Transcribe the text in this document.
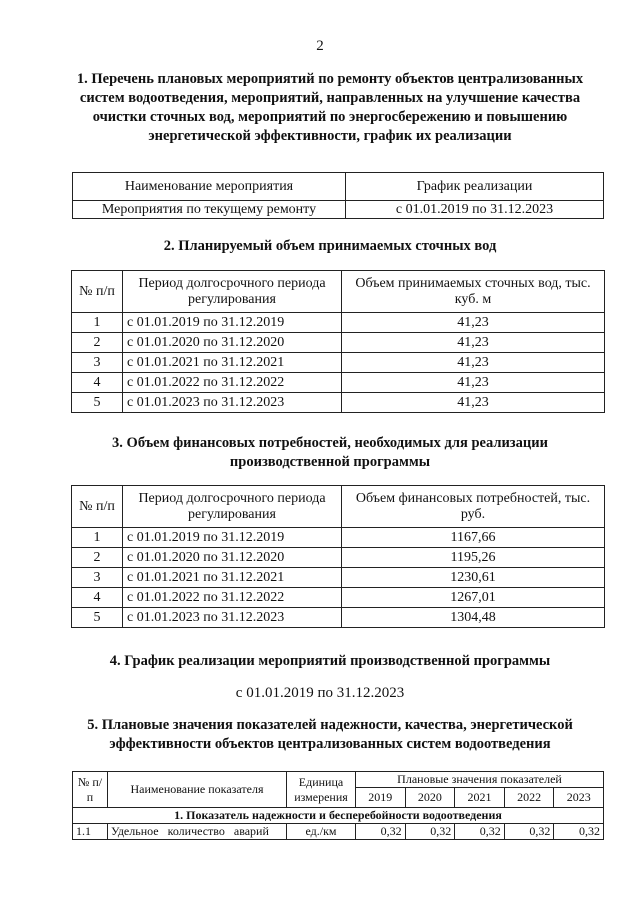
2
1. Перечень плановых мероприятий по ремонту объектов централизованных систем водоотведения, мероприятий, направленных на улучшение качества очистки сточных вод, мероприятий по энергосбережению и повышению энергетической эффективности, график их реализации
Наименование мероприятия	График реализации
Мероприятия по текущему ремонту	с 01.01.2019 по 31.12.2023
2. Планируемый объем принимаемых сточных вод
№ п/п	Период долгосрочного периода регулирования	Объем принимаемых сточных вод, тыс. куб. м
1	с 01.01.2019 по 31.12.2019	41,23
2	с 01.01.2020 по 31.12.2020	41,23
3	с 01.01.2021 по 31.12.2021	41,23
4	с 01.01.2022 по 31.12.2022	41,23
5	с 01.01.2023 по 31.12.2023	41,23
3. Объем финансовых потребностей, необходимых для реализации производственной программы
№ п/п	Период долгосрочного периода регулирования	Объем финансовых потребностей, тыс. руб.
1	с 01.01.2019 по 31.12.2019	1167,66
2	с 01.01.2020 по 31.12.2020	1195,26
3	с 01.01.2021 по 31.12.2021	1230,61
4	с 01.01.2022 по 31.12.2022	1267,01
5	с 01.01.2023 по 31.12.2023	1304,48
4. График реализации мероприятий производственной программы
с 01.01.2019 по 31.12.2023
5. Плановые значения показателей надежности, качества, энергетической эффективности объектов централизованных систем водоотведения
№ п/п	Наименование показателя	Единица измерения	Плановые значения показателей				
			2019	2020	2021	2022	2023
1. Показатель надежности и бесперебойности водоотведения							
1.1	Удельное количество аварий	ед./км	0,32	0,32	0,32	0,32	0,32
